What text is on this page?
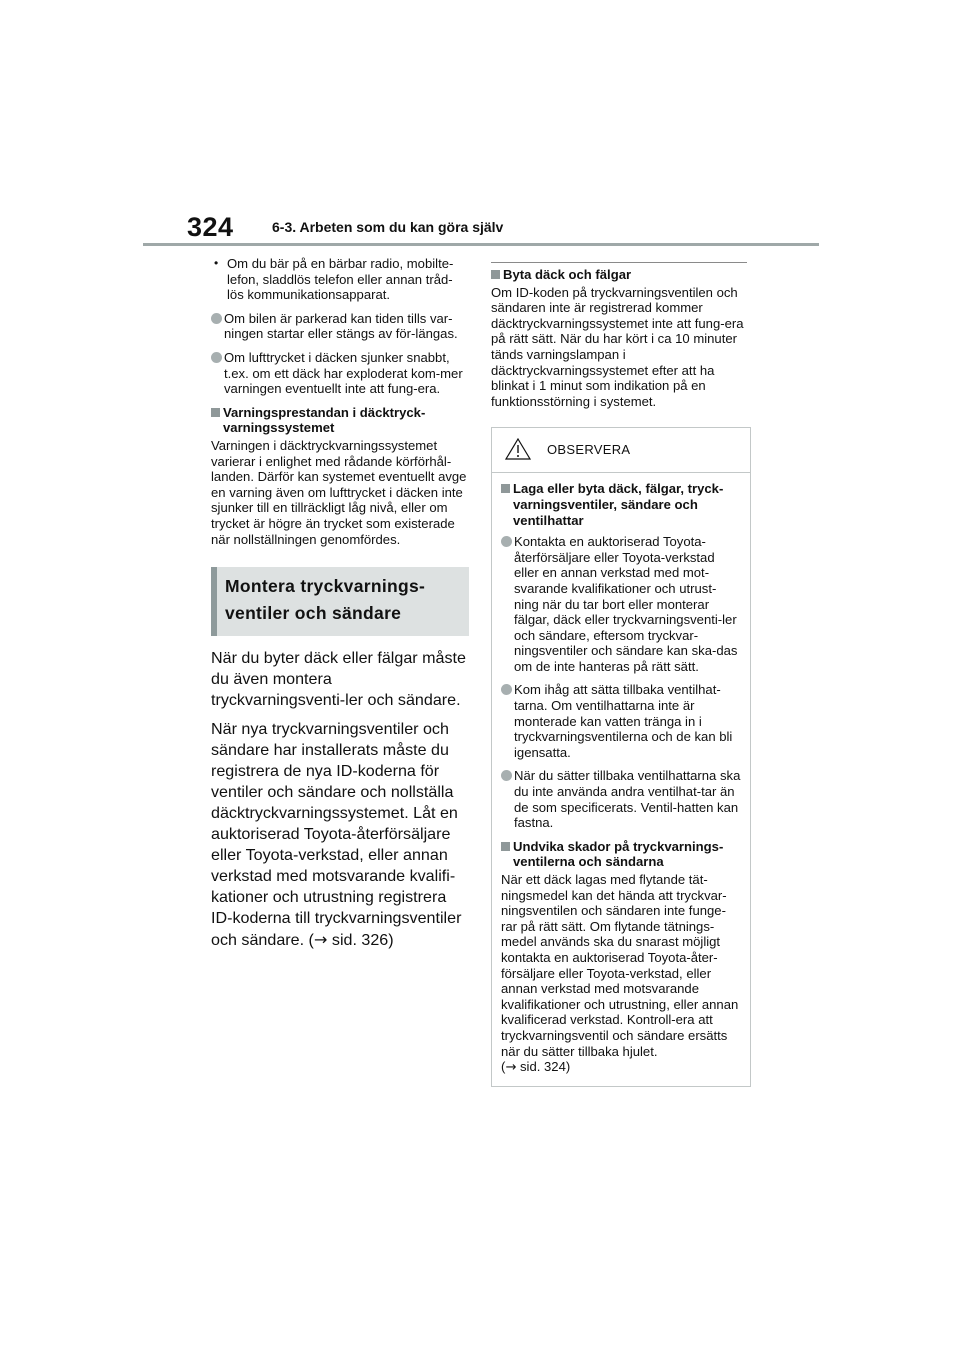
324	6-3. Arbeten som du kan göra själv
• Om du bär på en bärbar radio, mobilte-lefon, sladdlös telefon eller annan tråd-lös kommunikationsapparat.
Om bilen är parkerad kan tiden tills var-ningen startar eller stängs av för-längas.
Om lufttrycket i däcken sjunker snabbt, t.ex. om ett däck har exploderat kom-mer varningen eventuellt inte att fung-era.
Varningsprestandan i däcktryck-varningssystemet
Varningen i däcktryckvarningssystemet varierar i enlighet med rådande körförhål-landen. Därför kan systemet eventuellt avge en varning även om lufttrycket i däcken inte sjunker till en tillräckligt låg nivå, eller om trycket är högre än trycket som existerade när nollställningen genomfördes.
Montera tryckvarnings-ventiler och sändare
När du byter däck eller fälgar måste du även montera tryckvarningsventi-ler och sändare.
När nya tryckvarningsventiler och sändare har installerats måste du registrera de nya ID-koderna för ventiler och sändare och nollställa däcktryckvarningssystemet. Låt en auktoriserad Toyota-återförsäljare eller Toyota-verkstad, eller annan verkstad med motsvarande kvalifi-kationer och utrustning registrera ID-koderna till tryckvarningsventiler och sändare. (→ sid. 326)
Byta däck och fälgar
Om ID-koden på tryckvarningsventilen och sändaren inte är registrerad kommer däcktryckvarningssystemet inte att fung-era på rätt sätt. När du har kört i ca 10 minuter tänds varningslampan i däcktryckvarningssystemet efter att ha blinkat i 1 minut som indikation på en funktionsstörning i systemet.
OBSERVERA
Laga eller byta däck, fälgar, tryck-varningsventiler, sändare och ventilhattar
Kontakta en auktoriserad Toyota-återförsäljare eller Toyota-verkstad eller en annan verkstad med mot-svarande kvalifikationer och utrust-ning när du tar bort eller monterar fälgar, däck eller tryckvarningsventi-ler och sändare, eftersom tryckvar-ningsventiler och sändare kan ska-das om de inte hanteras på rätt sätt.
Kom ihåg att sätta tillbaka ventilhat-tarna. Om ventilhattarna inte är monterade kan vatten tränga in i tryckvarningsventilerna och de kan bli igensatta.
När du sätter tillbaka ventilhattarna ska du inte använda andra ventilhat-tar än de som specificerats. Ventil-hatten kan fastna.
Undvika skador på tryckvarnings-ventilerna och sändarna
När ett däck lagas med flytande tät-ningsmedel kan det hända att tryckvar-ningsventilen och sändaren inte funge-rar på rätt sätt. Om flytande tätnings-medel används ska du snarast möjligt kontakta en auktoriserad Toyota-åter-försäljare eller Toyota-verkstad, eller annan verkstad med motsvarande kvalifikationer och utrustning, eller annan kvalificerad verkstad. Kontroll-era att tryckvarningsventil och sändare ersätts när du sätter tillbaka hjulet.
(→ sid. 324)
